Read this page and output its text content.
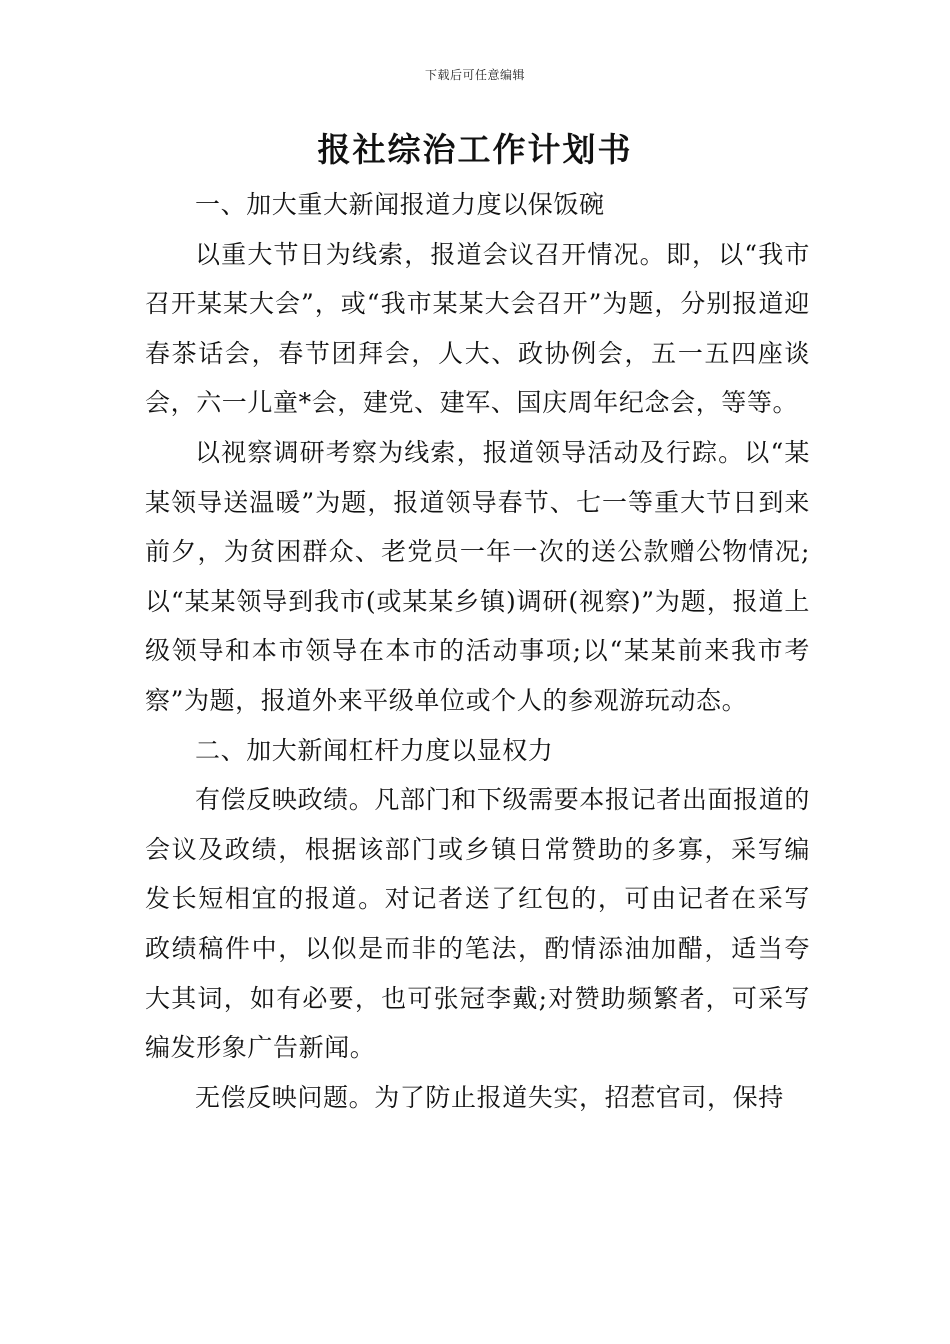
下载后可任意编辑
报社综治工作计划书

一、加大重大新闻报道力度以保饭碗

以重大节日为线索，报道会议召开情况。即，以“我市召开某某大会”，或“我市某某大会召开”为题，分别报道迎春茶话会，春节团拜会，人大、政协例会，五一五四座谈会，六一儿童*会，建党、建军、国庆周年纪念会，等等。

以视察调研考察为线索，报道领导活动及行踪。以“某某领导送温暖”为题，报道领导春节、七一等重大节日到来前夕，为贫困群众、老党员一年一次的送公款赠公物情况;以“某某领导到我市(或某某乡镇)调研(视察)”为题，报道上级领导和本市领导在本市的活动事项;以“某某前来我市考察”为题，报道外来平级单位或个人的参观游玩动态。

二、加大新闻杠杆力度以显权力

有偿反映政绩。凡部门和下级需要本报记者出面报道的会议及政绩，根据该部门或乡镇日常赞助的多寡，采写编发长短相宜的报道。对记者送了红包的，可由记者在采写政绩稿件中，以似是而非的笔法，酌情添油加醋，适当夸大其词，如有必要，也可张冠李戴;对赞助频繁者，可采写编发形象广告新闻。

无偿反映问题。为了防止报道失实，招惹官司，保持
